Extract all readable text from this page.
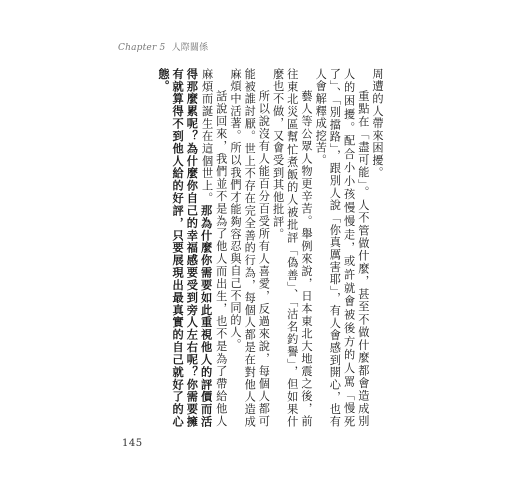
Chapter 5 人際關係

周遭的人帶來困擾。

重點在「盡可能」。人不管做什麼，甚至不做什麼都會造成別人的困擾。配合小小孩慢慢走，或許就會被後方的人罵「慢死了」、「別擋路」，跟別人說「你真厲害耶」，有人會感到開心，也有人會解釋成挖苦。

藝人等公眾人物更辛苦。舉例來說，日本東北大地震之後，前往東北災區幫忙煮飯的人被批評「偽善」、「沽名釣譽」，但如果什麼也不做，又會受到其他批評。

所以說沒有人能百分百受所有人喜愛，反過來說，每個人都可能被誰討厭。世上不存在完全善的行為，每個人都是在對他人造成麻煩中活著。所以我們才能夠容忍與自己不同的人。

話說回來，我們並不是為了他人而出生，也不是為了帶給他人麻煩而誕生在這個世上。那為什麼你需要如此重視他人的評價而活得那麼累呢？為什麼你自己的幸福感要受到旁人左右呢？你需要擁有就算得不到他人給的好評，只要展現出最真實的自己就好了的心態。

145
